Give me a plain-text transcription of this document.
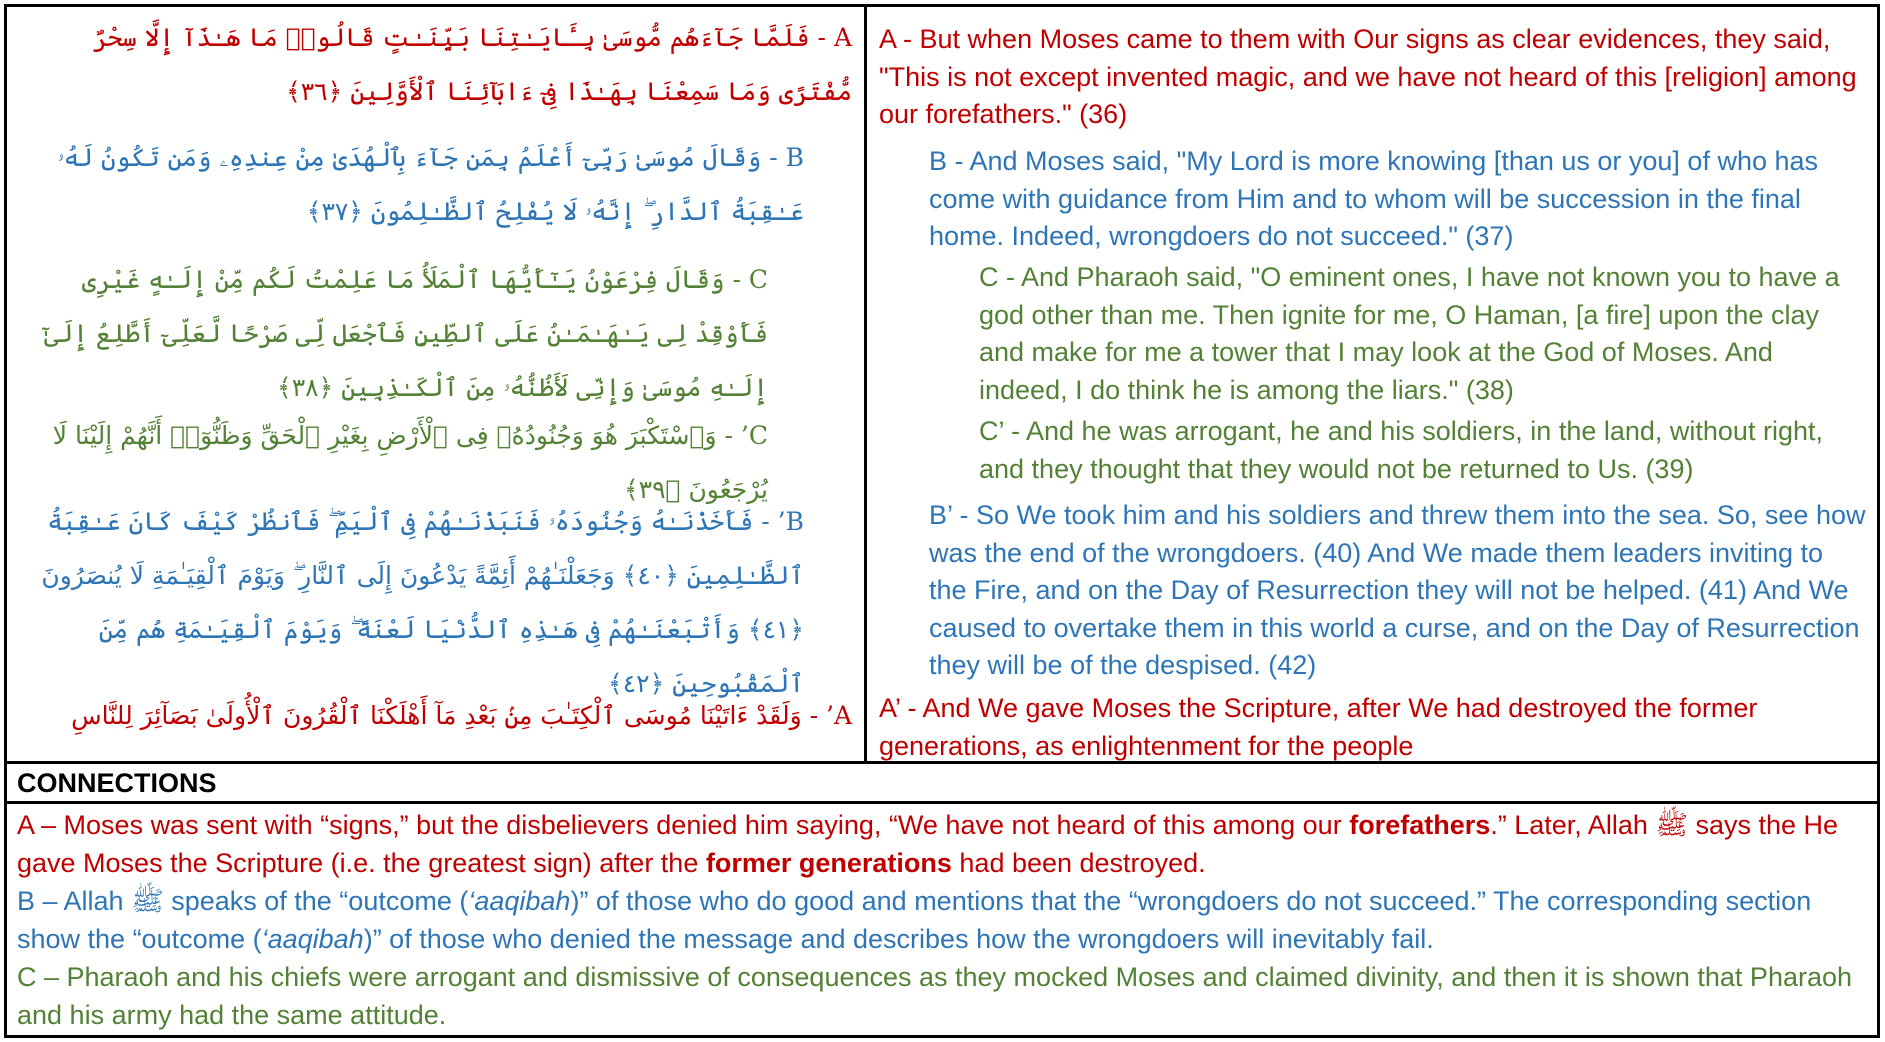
A - فَلَمَّا جَآءَهُم مُّوسَىٰ بِـَٔايَـٰتِنَا بَيِّنَـٰتٍ قَالُوا۟ مَا هَـٰذَآ إِلَّا سِحْرٌ مُّفْتَرًى وَمَا سَمِعْنَا بِهَـٰذَا فِىٓ ءَابَآئِنَا ٱلْأَوَّلِينَ ﴿٣٦﴾

B - وَقَالَ مُوسَىٰ رَبِّىٓ أَعْلَمُ بِمَن جَآءَ بِٱلْهُدَىٰ مِنْ عِندِهِۦ وَمَن تَكُونُ لَهُۥ عَـٰقِبَةُ ٱلدَّارِ ۖ إِنَّهُۥ لَا يُفْلِحُ ٱلظَّـٰلِمُونَ ﴿٣٧﴾

C - وَقَالَ فِرْعَوْنُ يَـٰٓأَيُّهَا ٱلْمَلَأُ مَا عَلِمْتُ لَكُم مِّنْ إِلَـٰهٍ غَيْرِى فَأَوْقِدْ لِى يَـٰهَـٰمَـٰنُ عَلَى ٱلطِّينِ فَٱجْعَل لِّى صَرْحًا لَّعَلِّىٓ أَطَّلِعُ إِلَىٰٓ إِلَـٰهِ مُوسَىٰ وَإِنِّى لَأَظُنُّهُۥ مِنَ ٱلْكَـٰذِبِينَ ﴿٣٨﴾

C’ - وَٱسْتَكْبَرَ هُوَ وَجُنُودُهُۥ فِى ٱلْأَرْضِ بِغَيْرِ ٱلْحَقِّ وَظَنُّوٓا۟ أَنَّهُمْ إِلَيْنَا لَا يُرْجَعُونَ ﴿٣٩﴾

B’ - فَأَخَذْنَـٰهُ وَجُنُودَهُۥ فَنَبَذْنَـٰهُمْ فِى ٱلْيَمِّ ۖ فَٱنظُرْ كَيْفَ كَانَ عَـٰقِبَةُ ٱلظَّـٰلِمِينَ ﴿٤٠﴾ وَجَعَلْنَـٰهُمْ أَئِمَّةً يَدْعُونَ إِلَى ٱلنَّارِ ۖ وَيَوْمَ ٱلْقِيَـٰمَةِ لَا يُنصَرُونَ ﴿٤١﴾ وَأَتْبَعْنَـٰهُمْ فِى هَـٰذِهِ ٱلدُّنْيَا لَعْنَةً ۖ وَيَوْمَ ٱلْقِيَـٰمَةِ هُم مِّنَ ٱلْمَقْبُوحِينَ ﴿٤٢﴾

A’ - وَلَقَدْ ءَاتَيْنَا مُوسَى ٱلْكِتَـٰبَ مِنۢ بَعْدِ مَآ أَهْلَكْنَا ٱلْقُرُونَ ٱلْأُولَىٰ بَصَآئِرَ لِلنَّاسِ

A - But when Moses came to them with Our signs as clear evidences, they said, "This is not except invented magic, and we have not heard of this [religion] among our forefathers." (36)

B - And Moses said, "My Lord is more knowing [than us or you] of who has come with guidance from Him and to whom will be succession in the final home. Indeed, wrongdoers do not succeed." (37)

C - And Pharaoh said, "O eminent ones, I have not known you to have a god other than me. Then ignite for me, O Haman, [a fire] upon the clay and make for me a tower that I may look at the God of Moses. And indeed, I do think he is among the liars." (38)

C’ - And he was arrogant, he and his soldiers, in the land, without right, and they thought that they would not be returned to Us. (39)

B’ - So We took him and his soldiers and threw them into the sea. So, see how was the end of the wrongdoers. (40) And We made them leaders inviting to the Fire, and on the Day of Resurrection they will not be helped. (41) And We caused to overtake them in this world a curse, and on the Day of Resurrection they will be of the despised. (42)

A’ - And We gave Moses the Scripture, after We had destroyed the former generations, as enlightenment for the people

CONNECTIONS

A – Moses was sent with “signs,” but the disbelievers denied him saying, “We have not heard of this among our forefathers.” Later, Allah ﷺ says the He gave Moses the Scripture (i.e. the greatest sign) after the former generations had been destroyed.

B – Allah ﷺ speaks of the “outcome (‘aaqibah)” of those who do good and mentions that the “wrongdoers do not succeed.” The corresponding section show the “outcome (‘aaqibah)” of those who denied the message and describes how the wrongdoers will inevitably fail.

C – Pharaoh and his chiefs were arrogant and dismissive of consequences as they mocked Moses and claimed divinity, and then it is shown that Pharaoh and his army had the same attitude.
